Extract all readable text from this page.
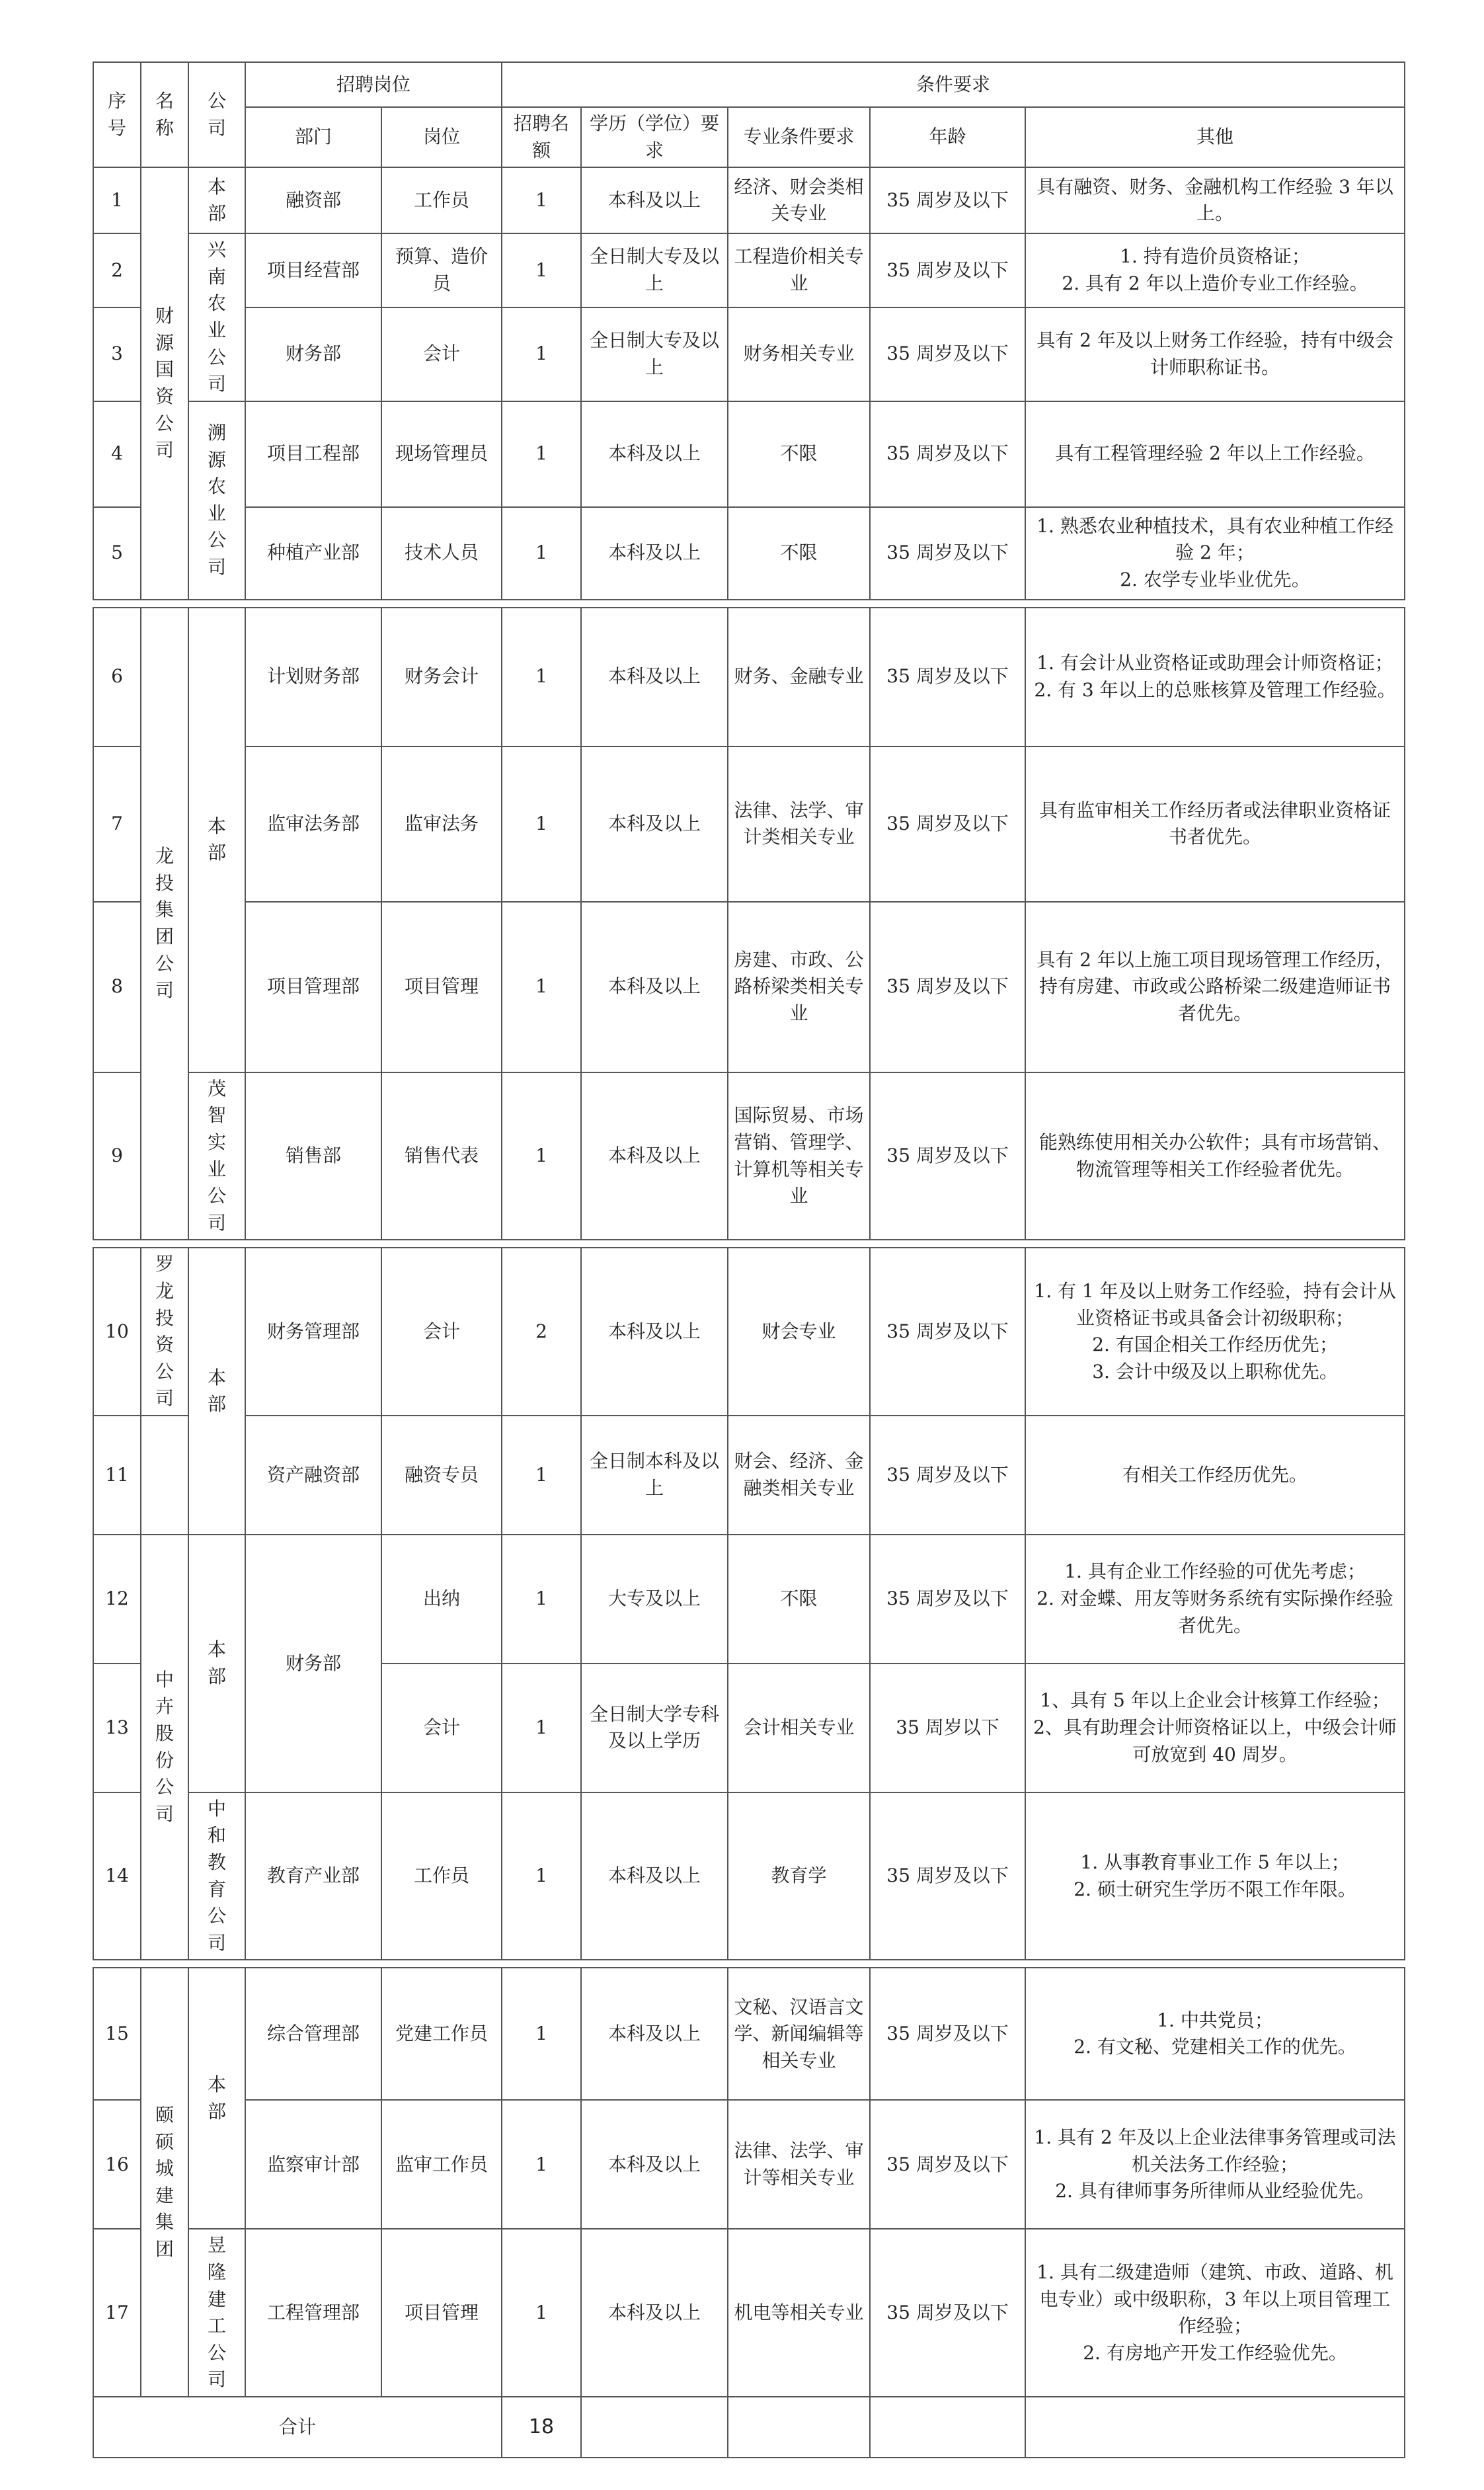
序号	名称	公司	招聘岗位		条件要求				
			部门	岗位	招聘名额	学历（学位）要求	专业条件要求	年龄	其他
1	财源国资公司	本部	融资部	工作员	1	本科及以上	经济、财会类相关专业	35 周岁及以下	具有融资、财务、金融机构工作经验 3 年以上。
2		兴南农业公司	项目经营部	预算、造价员	1	全日制大专及以上	工程造价相关专业	35 周岁及以下	1. 持有造价员资格证；
2. 具有 2 年以上造价专业工作经验。
3			财务部	会计	1	全日制大专及以上	财务相关专业	35 周岁及以下	具有 2 年及以上财务工作经验，持有中级会计师职称证书。
4		溯源农业公司	项目工程部	现场管理员	1	本科及以上	不限	35 周岁及以下	具有工程管理经验 2 年以上工作经验。
5			种植产业部	技术人员	1	本科及以上	不限	35 周岁及以下	1. 熟悉农业种植技术，具有农业种植工作经验 2 年；
2. 农学专业毕业优先。

6	龙投集团公司	本部	计划财务部	财务会计	1	本科及以上	财务、金融专业	35 周岁及以下	1. 有会计从业资格证或助理会计师资格证；
2. 有 3 年以上的总账核算及管理工作经验。
7			监审法务部	监审法务	1	本科及以上	法律、法学、审计类相关专业	35 周岁及以下	具有监审相关工作经历者或法律职业资格证书者优先。
8			项目管理部	项目管理	1	本科及以上	房建、市政、公路桥梁类相关专业	35 周岁及以下	具有 2 年以上施工项目现场管理工作经历，持有房建、市政或公路桥梁二级建造师证书者优先。
9		茂智实业公司	销售部	销售代表	1	本科及以上	国际贸易、市场营销、管理学、计算机等相关专业	35 周岁及以下	能熟练使用相关办公软件；具有市场营销、物流管理等相关工作经验者优先。

10	罗龙投资公司	本部	财务管理部	会计	2	本科及以上	财会专业	35 周岁及以下	1. 有 1 年及以上财务工作经验，持有会计从业资格证书或具备会计初级职称；
2. 有国企相关工作经历优先；
3. 会计中级及以上职称优先。
11			资产融资部	融资专员	1	全日制本科及以上	财会、经济、金融类相关专业	35 周岁及以下	有相关工作经历优先。
12	中卉股份公司	本部	财务部	出纳	1	大专及以上	不限	35 周岁及以下	1. 具有企业工作经验的可优先考虑；
2. 对金蝶、用友等财务系统有实际操作经验者优先。
13				会计	1	全日制大学专科及以上学历	会计相关专业	35 周岁以下	1、具有 5 年以上企业会计核算工作经验；
2、具有助理会计师资格证以上，中级会计师可放宽到 40 周岁。
14		中和教育公司	教育产业部	工作员	1	本科及以上	教育学	35 周岁及以下	1. 从事教育事业工作 5 年以上；
2. 硕士研究生学历不限工作年限。

15	颐硕城建集团	本部	综合管理部	党建工作员	1	本科及以上	文秘、汉语言文学、新闻编辑等相关专业	35 周岁及以下	1. 中共党员；
2. 有文秘、党建相关工作的优先。
16			监察审计部	监审工作员	1	本科及以上	法律、法学、审计等相关专业	35 周岁及以下	1. 具有 2 年及以上企业法律事务管理或司法机关法务工作经验；
2. 具有律师事务所律师从业经验优先。
17		昱隆建工公司	工程管理部	项目管理	1	本科及以上	机电等相关专业	35 周岁及以下	1. 具有二级建造师（建筑、市政、道路、机电专业）或中级职称，3 年以上项目管理工作经验；
2. 有房地产开发工作经验优先。
合计					18				
